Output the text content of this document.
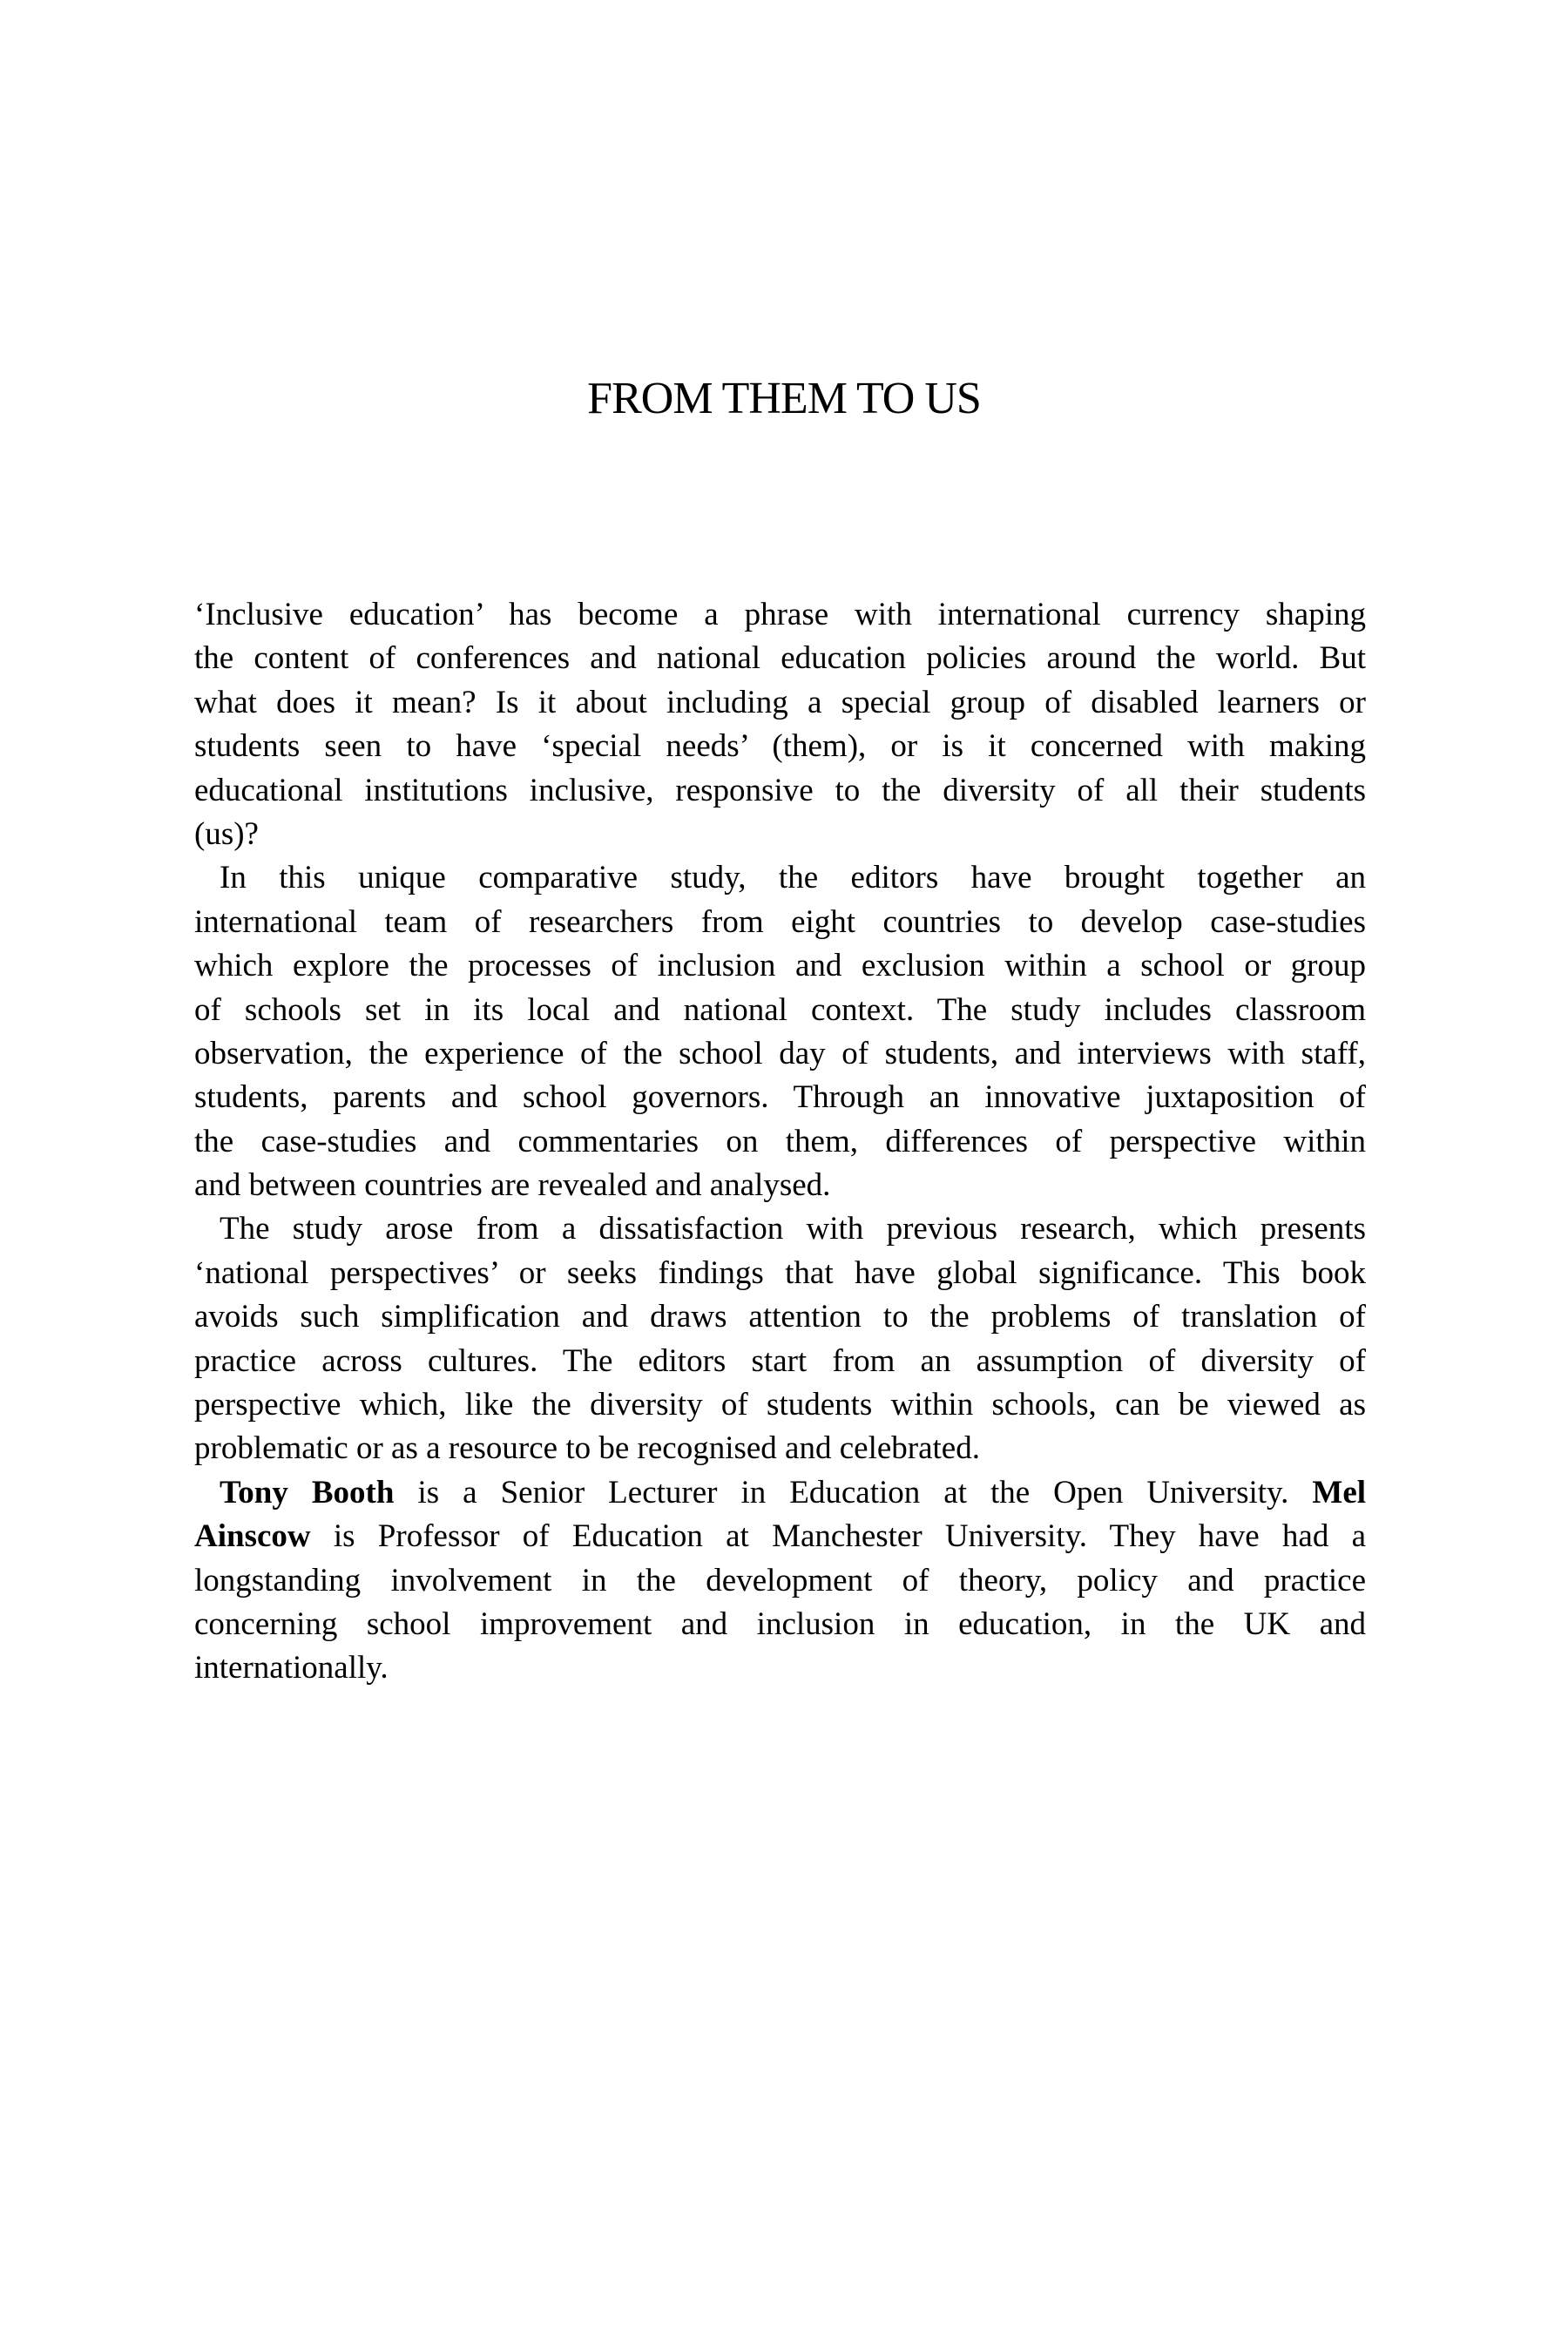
FROM THEM TO US
‘Inclusive education’ has become a phrase with international currency shaping
the content of conferences and national education policies around the world. But
what does it mean? Is it about including a special group of disabled learners or
students seen to have ‘special needs’ (them), or is it concerned with making
educational institutions inclusive, responsive to the diversity of all their students
(us)?
In this unique comparative study, the editors have brought together an
international team of researchers from eight countries to develop case-studies
which explore the processes of inclusion and exclusion within a school or group
of schools set in its local and national context. The study includes classroom
observation, the experience of the school day of students, and interviews with staff,
students, parents and school governors. Through an innovative juxtaposition of
the case-studies and commentaries on them, differences of perspective within
and between countries are revealed and analysed.
The study arose from a dissatisfaction with previous research, which presents
‘national perspectives’ or seeks findings that have global significance. This book
avoids such simplification and draws attention to the problems of translation of
practice across cultures. The editors start from an assumption of diversity of
perspective which, like the diversity of students within schools, can be viewed as
problematic or as a resource to be recognised and celebrated.
Tony Booth is a Senior Lecturer in Education at the Open University. Mel
Ainscow is Professor of Education at Manchester University. They have had a
longstanding involvement in the development of theory, policy and practice
concerning school improvement and inclusion in education, in the UK and
internationally.
